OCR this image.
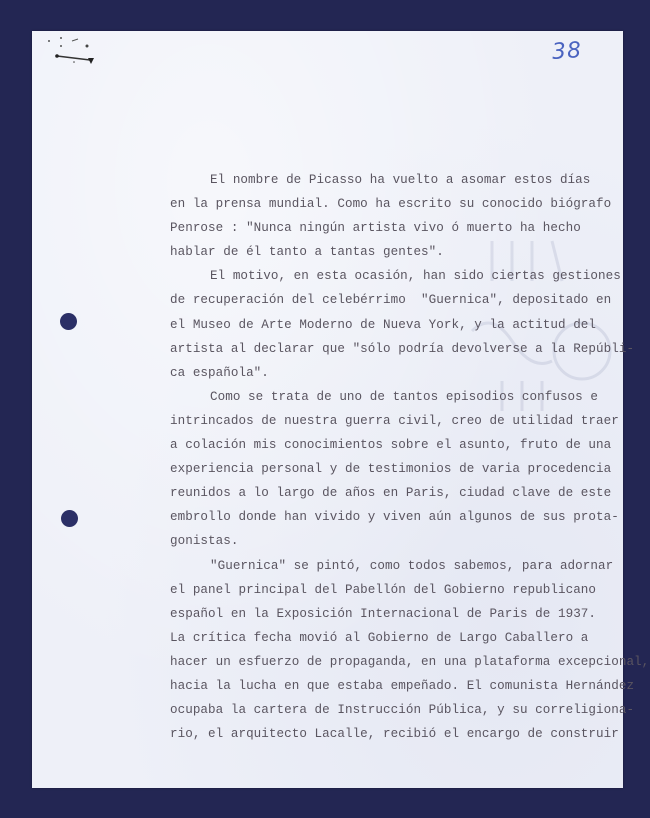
38
El nombre de Picasso ha vuelto a asomar estos días
en la prensa mundial. Como ha escrito su conocido biógrafo
Penrose : "Nunca ningún artista vivo ó muerto ha hecho
hablar de él tanto a tantas gentes".
El motivo, en esta ocasión, han sido ciertas gestiones
de recuperación del celebérrimo  "Guernica", depositado en
el Museo de Arte Moderno de Nueva York, y la actitud del
artista al declarar que "sólo podría devolverse a la Repúbli-
ca española".
Como se trata de uno de tantos episodios confusos e
intrincados de nuestra guerra civil, creo de utilidad traer
a colación mis conocimientos sobre el asunto, fruto de una
experiencia personal y de testimonios de varia procedencia
reunidos a lo largo de años en Paris, ciudad clave de este
embrollo donde han vivido y viven aún algunos de sus prota-
gonistas.
"Guernica" se pintó, como todos sabemos, para adornar
el panel principal del Pabellón del Gobierno republicano
español en la Exposición Internacional de Paris de 1937.
La crítica fecha movió al Gobierno de Largo Caballero a
hacer un esfuerzo de propaganda, en una plataforma excepcional,
hacia la lucha en que estaba empeñado. El comunista Hernández
ocupaba la cartera de Instrucción Pública, y su correligiona-
rio, el arquitecto Lacalle, recibió el encargo de construir
